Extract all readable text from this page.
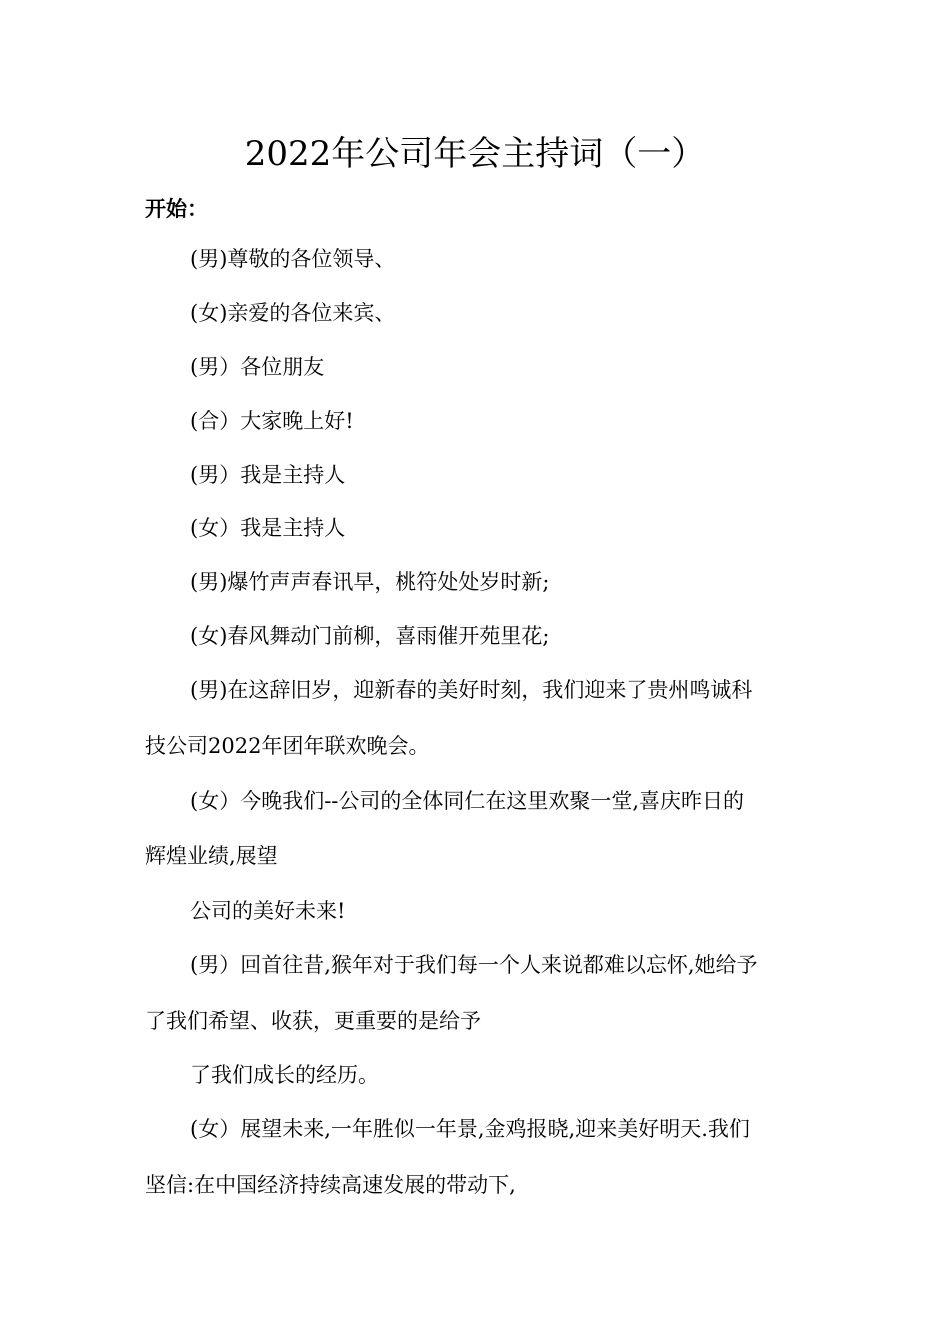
2022年公司年会主持词（一）
开始：
(男)尊敬的各位领导、
(女)亲爱的各位来宾、
(男）各位朋友
(合）大家晚上好!
(男）我是主持人
(女）我是主持人
(男)爆竹声声春讯早，桃符处处岁时新;
(女)春风舞动门前柳，喜雨催开苑里花;
(男)在这辞旧岁，迎新春的美好时刻，我们迎来了贵州鸣诚科
技公司2022年团年联欢晚会。
(女）今晚我们--公司的全体同仁在这里欢聚一堂,喜庆昨日的
辉煌业绩,展望
公司的美好未来!
(男）回首往昔,猴年对于我们每一个人来说都难以忘怀,她给予
了我们希望、收获，更重要的是给予
了我们成长的经历。
(女）展望未来,一年胜似一年景,金鸡报晓,迎来美好明天.我们
坚信:在中国经济持续高速发展的带动下,
